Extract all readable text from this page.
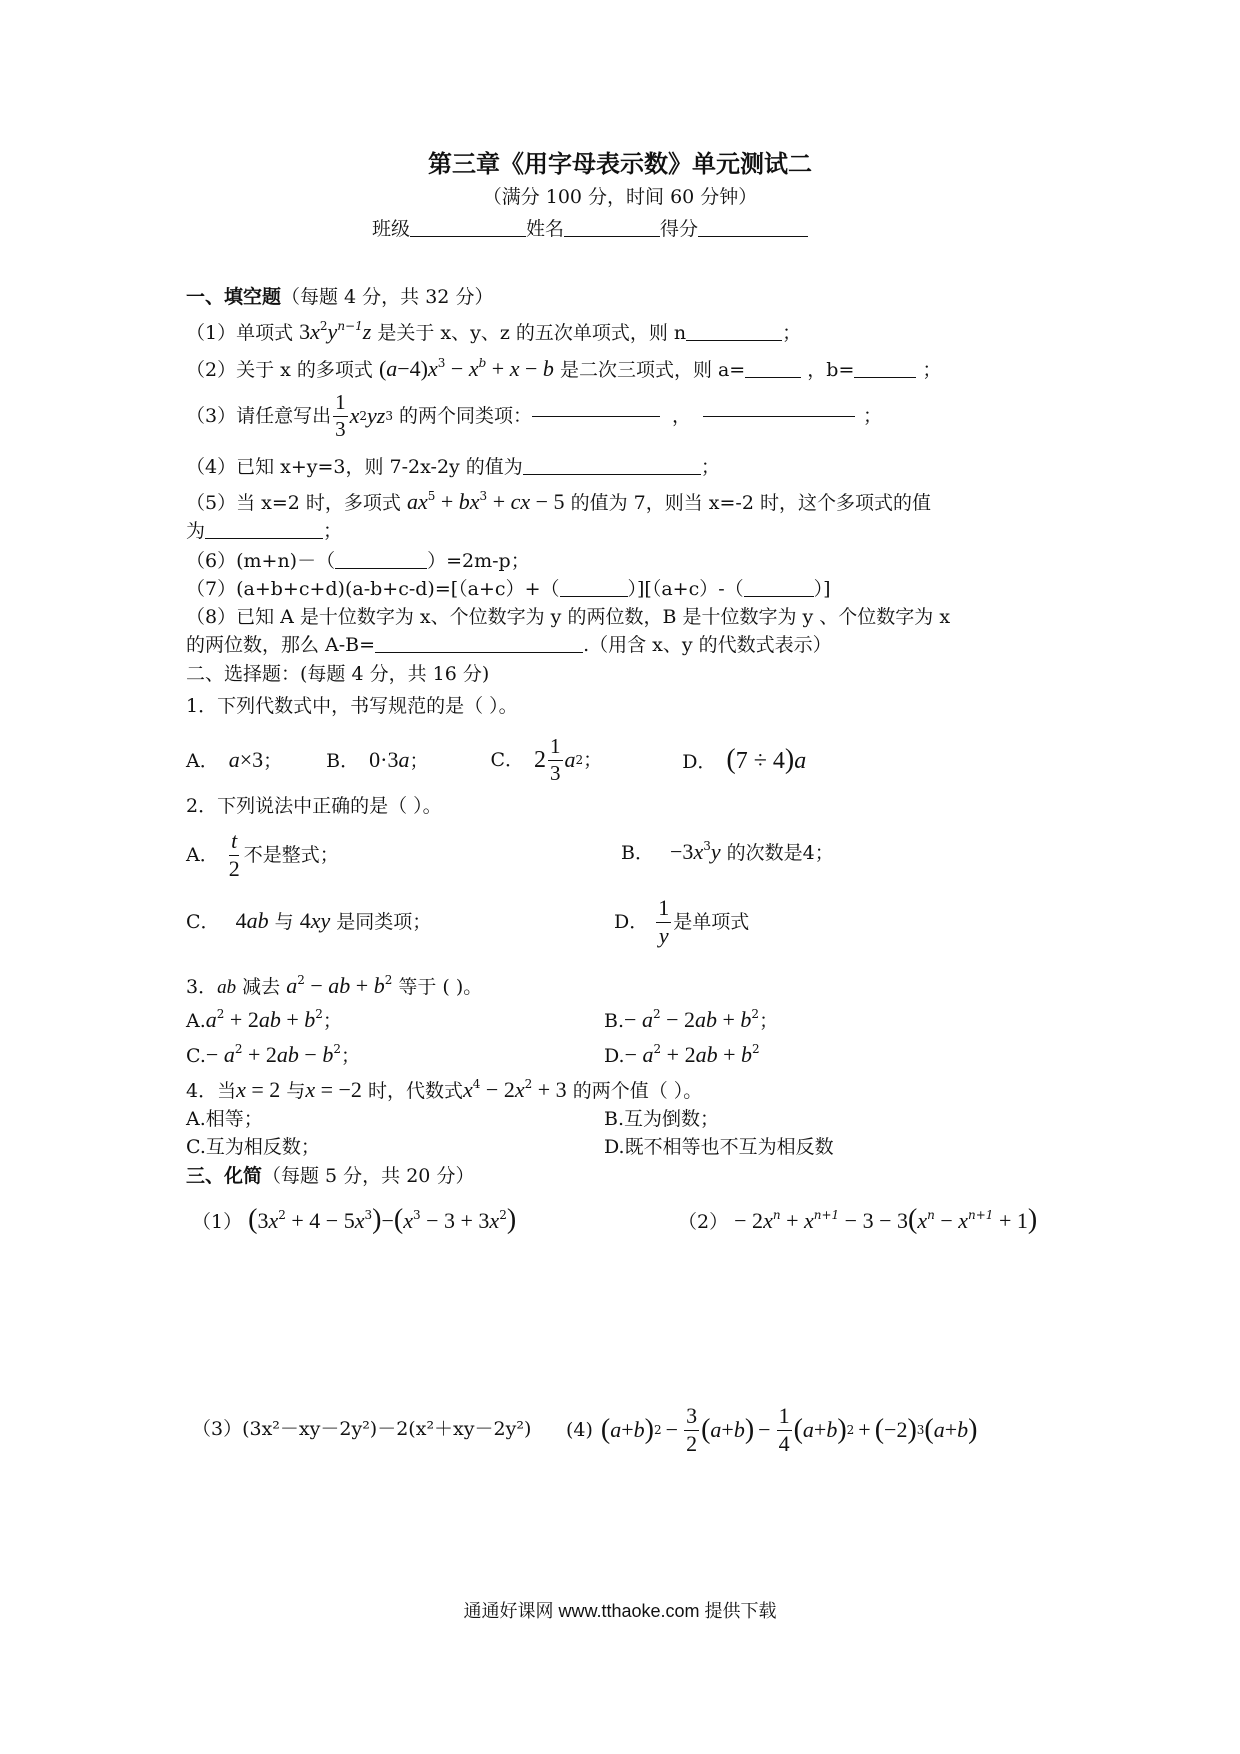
第三章《用字母表示数》单元测试二
（满分 100 分，时间 60 分钟）
班级	姓名	得分
一、填空题（每题 4 分，共 32 分）
（1）单项式 $3x^2y^{n-1}z$ 是关于 x、y、z 的五次单项式，则 n	；
（2）关于 x 的多项式 $(a-4)x^3 - x^b + x - b$ 是二次三项式，则 a=	，b=	；
（3）请任意写出 $\frac{1}{3}$ x 2 yz 3 的两个同类项：	，	；
（4）已知 x+y=3，则 7-2x-2y 的值为	；
（5）当 x=2 时，多项式 $ax^5 + bx^3$ + cx − 5 的值为 7，则当 x=-2 时，这个多项式的值
为	；
（6）(m+n)－（	）=2m-p；
（7）(a+b+c+d)(a-b+c-d)=[（a+c）+（	）][（a+c）-（	）]
（8）已知 A 是十位数字为 x、个位数字为 y 的两位数，B 是十位数字为 y 、个位数字为 x
的两位数，那么 A-B=	.（用含 x、y 的代数式表示）
二、选择题：(每题 4 分，共 16 分)
1．下列代数式中，书写规范的是（ ）。
A． a×3； B． 0·3a；	C． $2 \frac{1}{3}$ a 2 ；	D． (7 ÷ 4)a
2．下列说法中正确的是（ ）。
A． $\frac{t}{2}$ 不是整式；	B． $-3x^3y$ 的次数是4；
C． 4ab 与 4xy 是同类项；	D． $\frac{1}{y}$ 是单项式
3．ab 减去 $a^2$ − ab + $b^2$ 等于 ( )。
$A.a^2 + 2ab + b^2$；	$B.- a^2 - 2ab + b^2$；
$C.- a^2 + 2ab - b^2$；	$D.- a^2 + 2ab + b^2$
4．当x = 2 与x = −2 时，代数式$x^4 - 2x^2 + 3$ 的两个值（ ）。
A.相等；	B.互为倒数；
C.互为相反数；	D.既不相等也不互为相反数
三、化简（每题 5 分，共 20 分）
（1） $(3x^2 + 4 - 5x^3)-(x^3 - 3 + 3x^2)$	$(2) - 2x^n + x^{n+1} - 3 - 3(x^n - x^{n+1} + 1)$
（3）(3x²－xy－2y²)－2(x²＋xy－2y²) (4) ( a + b ) $2 - \frac{3}{2}$ ( a + b ) − $\frac{1}{4}$ ( a + b ) 2 + ( −2 ) 3 ( a + b )
通通好课网 www.tthaoke.com 提供下载
